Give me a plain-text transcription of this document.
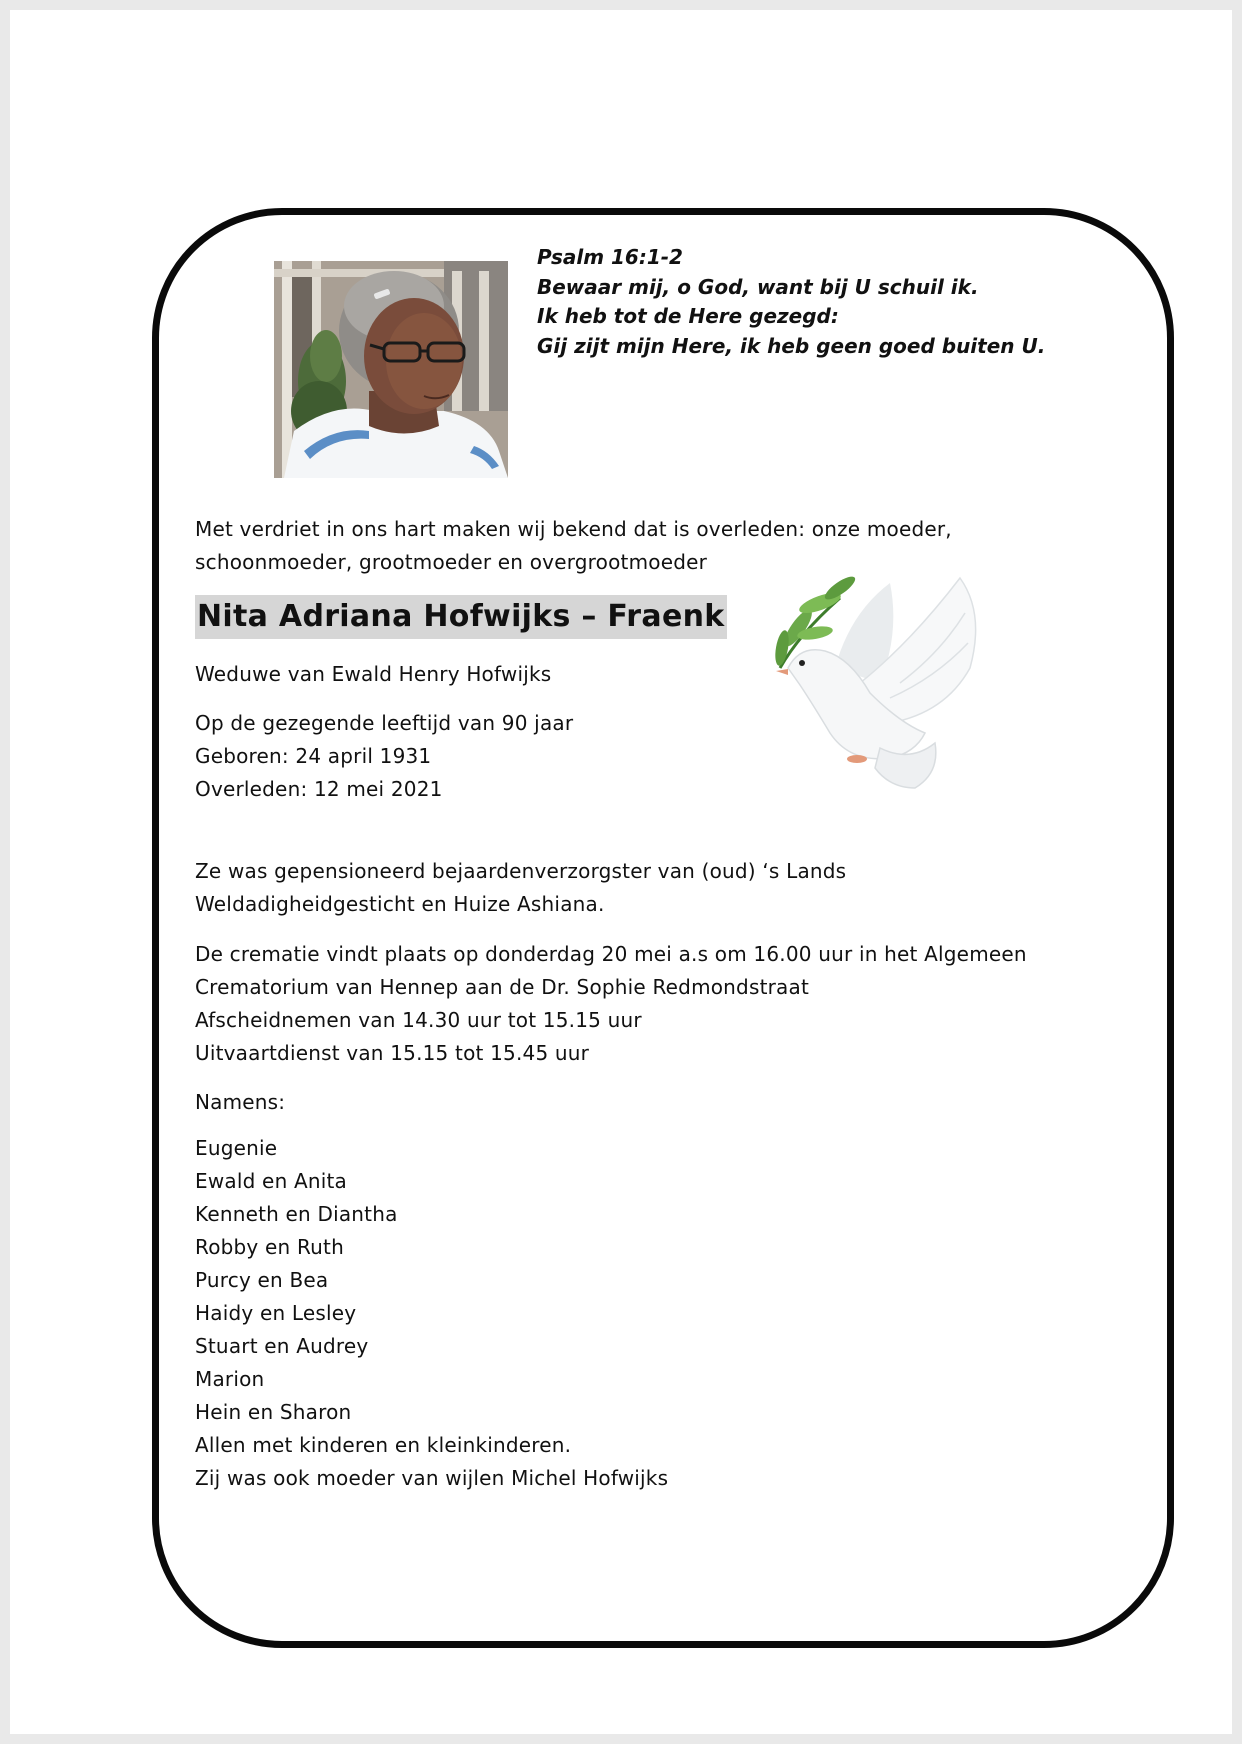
Psalm 16:1-2
Bewaar mij, o God, want bij U schuil ik.
Ik heb tot de Here gezegd:
Gij zijt mijn Here, ik heb geen goed buiten U.
Met verdriet in ons hart maken wij bekend dat is overleden: onze moeder,
schoonmoeder, grootmoeder en overgrootmoeder
Nita Adriana Hofwijks – Fraenk
Weduwe van Ewald Henry Hofwijks
Op de gezegende leeftijd van 90 jaar
Geboren: 24 april 1931
Overleden: 12 mei 2021
Ze was gepensioneerd bejaardenverzorgster van (oud) ‘s Lands
Weldadigheidgesticht en Huize Ashiana.
De crematie vindt plaats op donderdag 20 mei a.s om 16.00 uur in het Algemeen
Crematorium van Hennep aan de Dr. Sophie Redmondstraat
Afscheidnemen van 14.30 uur tot 15.15 uur
Uitvaartdienst van 15.15 tot 15.45 uur
Namens:
Eugenie
Ewald en Anita
Kenneth en Diantha
Robby en Ruth
Purcy en Bea
Haidy en Lesley
Stuart en Audrey
Marion
Hein en Sharon
Allen met kinderen en kleinkinderen.
Zij was ook moeder van wijlen Michel Hofwijks
